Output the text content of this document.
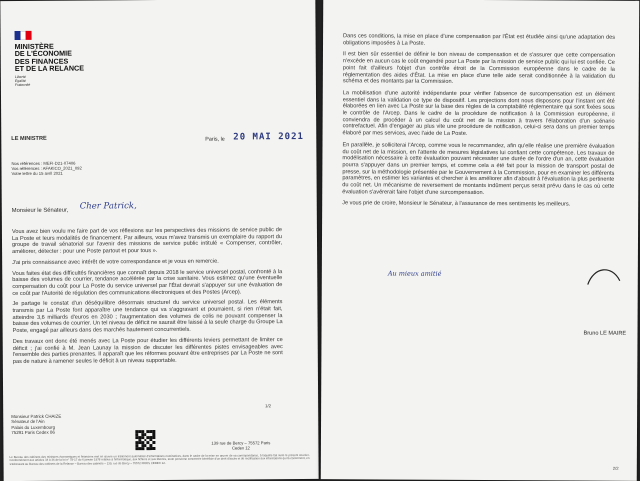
MINISTÈRE
DE L'ÉCONOMIE
DES FINANCES
ET DE LA RELANCE
Liberté
Égalité
Fraternité
LE MINISTRE	Paris, le 20 MAI 2021
Nos références : MEFI-D21-07406
Vos références : AFAKICO_2021_092
Votre lettre du 15 avril 2021
Monsieur le Sénateur, Cher Patrick,

Vous avez bien voulu me faire part de vos réflexions sur les perspectives des missions de service public de La Poste et leurs modalités de financement. Par ailleurs, vous m'avez transmis un exemplaire du rapport du groupe de travail sénatorial sur l'avenir des missions de service public intitulé « Compenser, contrôler, améliorer, détecter : pour une Poste partout et pour tous ».

J'ai pris connaissance avec intérêt de votre correspondance et je vous en remercie.

Vous faites état des difficultés financières que connaît depuis 2018 le service universel postal, confronté à la baisse des volumes de courrier, tendance accélérée par la crise sanitaire. Vous estimez qu'une éventuelle compensation du coût pour La Poste du service universel par l'État devrait s'appuyer sur une évaluation de ce coût par l'Autorité de régulation des communications électroniques et des Postes (Arcep).

Je partage le constat d'un déséquilibre désormais structurel du service universel postal. Les éléments transmis par La Poste font apparaître une tendance qui va s'aggravant et pourraient, si rien n'était fait, atteindre 3,6 milliards d'euros en 2030 ; l'augmentation des volumes de colis ne pouvant compenser la baisse des volumes de courrier. Un tel niveau de déficit ne saurait être laissé à la seule charge du Groupe La Poste, engagé par ailleurs dans des marchés hautement concurrentiels.

Des travaux ont donc été menés avec La Poste pour étudier les différents leviers permettant de limiter ce déficit ; j'ai confié à M. Jean Launay la mission de discuter les différentes pistes envisageables avec l'ensemble des parties prenantes. Il apparaît que les réformes pouvant être entreprises par La Poste ne sont pas de nature à ramener seules le déficit à un niveau supportable.

1/2
Monsieur Patrick CHAIZE
Sénateur de l'Ain
Palais du Luxembourg
75291 Paris Cedex 06
139 rue de Bercy – 75572 Paris
Cedex 12
Le Bureau des cabinets des ministres économiques et financiers met en œuvre un traitement automatisé d'informations nominatives, dans le cadre de la mise en œuvre de sa correspondance, à laquelle fait suite le présent courrier. Conformément aux articles 34 à 36 de la loi n° 78-17 du 6 janvier 1978 relative à l'informatique, aux fichiers et aux libertés, toute personne concernée bénéficie d'un droit d'accès et de rectification aux informations qui la concernent, en s'adressant au Bureau des cabinets de la Relance – Bureau des cabinets – 139, rue de Bercy – 75572 PARIS CEDEX 12.

Dans ces conditions, la mise en place d'une compensation par l'État est étudiée ainsi qu'une adaptation des obligations imposées à La Poste.

Il est bien sûr essentiel de définir le bon niveau de compensation et de s'assurer que cette compensation n'excède en aucun cas le coût engendré pour La Poste par la mission de service public qui lui est confiée. Ce point fait d'ailleurs l'objet d'un contrôle étroit de la Commission européenne dans le cadre de la réglementation des aides d'État. La mise en place d'une telle aide serait conditionnée à la validation du schéma et des montants par la Commission.

La mobilisation d'une autorité indépendante pour vérifier l'absence de surcompensation est un élément essentiel dans la validation ce type de dispositif. Les projections dont nous disposons pour l'instant ont été élaborées en lien avec La Poste sur la base des règles de la comptabilité réglementaire qui sont fixées sous le contrôle de l'Arcep. Dans le cadre de la procédure de notification à la Commission européenne, il conviendra de procéder à un calcul du coût net de la mission à travers l'élaboration d'un scénario contrefactuel. Afin d'engager au plus vite une procédure de notification, celui-ci sera dans un premier temps élaboré par mes services, avec l'aide de La Poste.

En parallèle, je solliciterai l'Arcep, comme vous le recommandez, afin qu'elle réalise une première évaluation du coût net de la mission, en l'attente de mesures législatives lui confiant cette compétence. Les travaux de modélisation nécessaire à cette évaluation pouvant nécessiter une durée de l'ordre d'un an, cette évaluation pourra s'appuyer dans un premier temps, et comme cela a été fait pour la mission de transport postal de presse, sur la méthodologie présentée par le Gouvernement à la Commission, pour en examiner les différents paramètres, en estimer les variantes et chercher à les améliorer afin d'aboutir à l'évaluation la plus pertinente du coût net. Un mécanisme de reversement de montants indûment perçus serait prévu dans le cas où cette évaluation s'avérerait faire l'objet d'une surcompensation.

Je vous prie de croire, Monsieur le Sénateur, à l'assurance de mes sentiments les meilleurs.

Au mieux amitié
Bruno LE MAIRE
2/2
